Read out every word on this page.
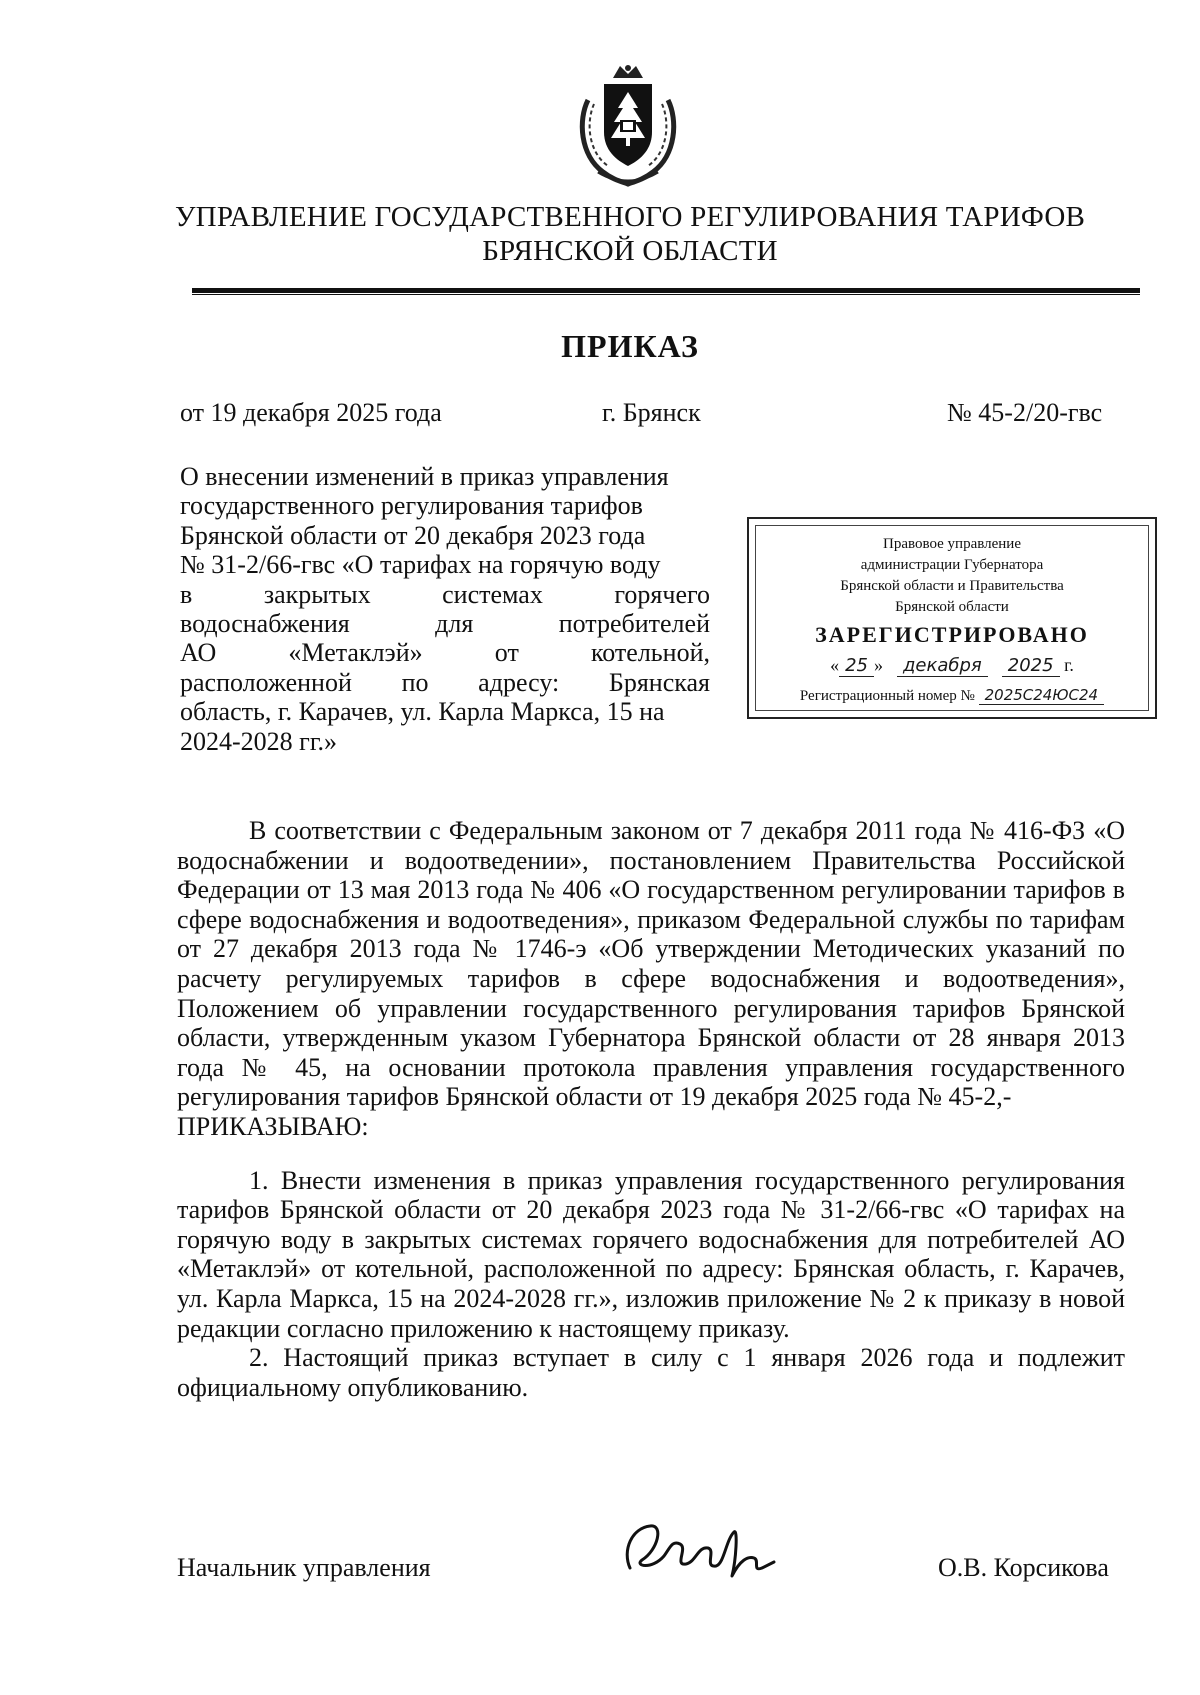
УПРАВЛЕНИЕ ГОСУДАРСТВЕННОГО РЕГУЛИРОВАНИЯ ТАРИФОВ
БРЯНСКОЙ ОБЛАСТИ
ПРИКАЗ
от 19 декабря 2025 года	г. Брянск	№ 45-2/20-гвс
О внесении изменений в приказ управления
государственного регулирования тарифов
Брянской области от 20 декабря 2023 года
№ 31-2/66-гвс «О тарифах на горячую воду
в	закрытых	системах	горячего
водоснабжения для потребителей
АО «Метаклэй» от котельной,
расположенной по адресу: Брянская
область, г. Карачев, ул. Карла Маркса, 15 на
2024-2028 гг.»
Правовое управление
администрации Губернатора
Брянской области и Правительства
Брянской области
ЗАРЕГИСТРИРОВАНО
« 25 »	декабря	2025 г.
Регистрационный номер № 2025С24ЮС24

В соответствии с Федеральным законом от 7 декабря 2011 года № 416-ФЗ «О водоснабжении и водоотведении», постановлением Правительства Российской Федерации от 13 мая 2013 года № 406 «О государственном регулировании тарифов в сфере водоснабжения и водоотведения», приказом Федеральной службы по тарифам от 27 декабря 2013 года № 1746-э «Об утверждении Методических указаний по расчету регулируемых тарифов в сфере водоснабжения и водоотведения», Положением об управлении государственного регулирования тарифов Брянской области, утвержденным указом Губернатора Брянской области от 28 января 2013 года № 45, на основании протокола правления управления государственного регулирования тарифов Брянской области от 19 декабря 2025 года № 45-2,-

ПРИКАЗЫВАЮ:

1. Внести изменения в приказ управления государственного регулирования тарифов Брянской области от 20 декабря 2023 года № 31-2/66-гвс «О тарифах на горячую воду в закрытых системах горячего водоснабжения для потребителей АО «Метаклэй» от котельной, расположенной по адресу: Брянская область, г. Карачев, ул. Карла Маркса, 15 на 2024-2028 гг.», изложив приложение № 2 к приказу в новой редакции согласно приложению к настоящему приказу.

2. Настоящий приказ вступает в силу с 1 января 2026 года и подлежит официальному опубликованию.

Начальник управления	О.В. Корсикова
